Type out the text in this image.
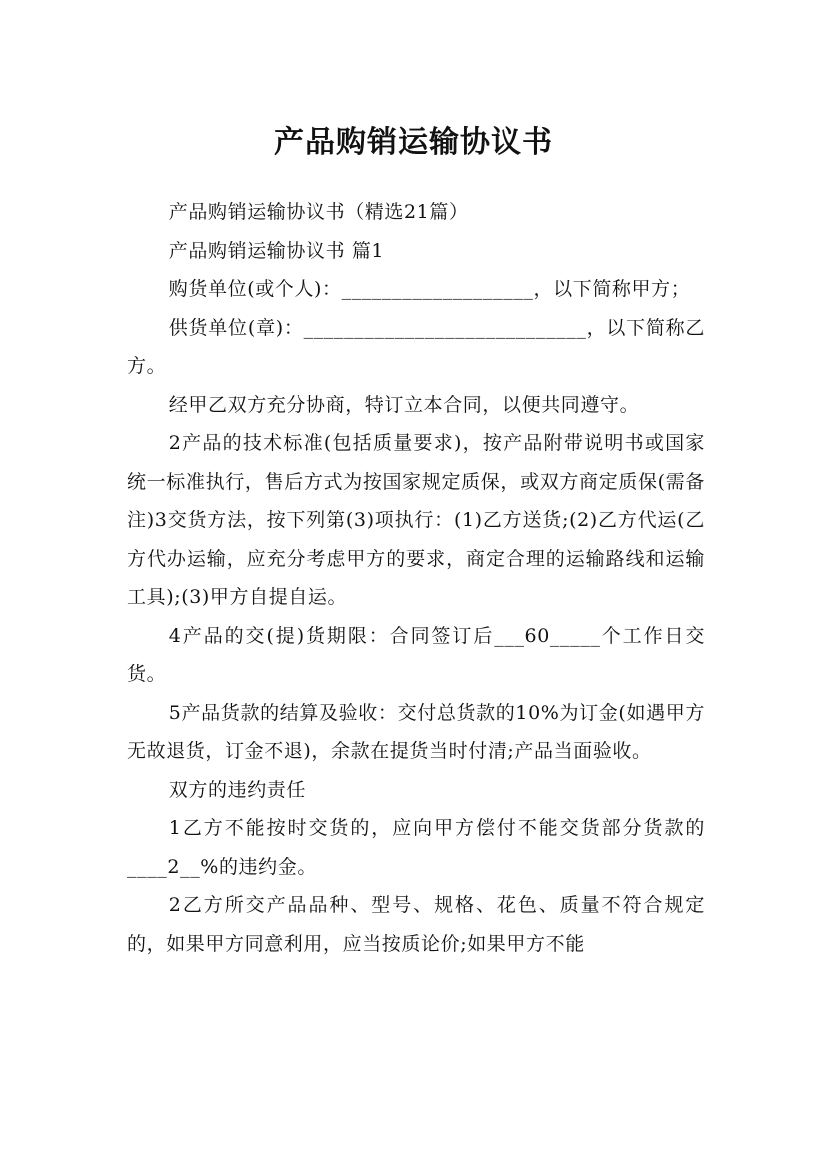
产品购销运输协议书

产品购销运输协议书（精选21篇）

产品购销运输协议书 篇1

购货单位(或个人)：___________________，以下简称甲方；

供货单位(章)：____________________________，以下简称乙方。

经甲乙双方充分协商，特订立本合同，以便共同遵守。

2产品的技术标准(包括质量要求)，按产品附带说明书或国家统一标准执行，售后方式为按国家规定质保，或双方商定质保(需备注)3交货方法，按下列第(3)项执行：(1)乙方送货;(2)乙方代运(乙方代办运输，应充分考虑甲方的要求，商定合理的运输路线和运输工具);(3)甲方自提自运。

4产品的交(提)货期限：合同签订后___60_____个工作日交货。

5产品货款的结算及验收：交付总货款的10%为订金(如遇甲方无故退货，订金不退)，余款在提货当时付清;产品当面验收。

双方的违约责任

1乙方不能按时交货的，应向甲方偿付不能交货部分货款的____2__%的违约金。

2乙方所交产品品种、型号、规格、花色、质量不符合规定的，如果甲方同意利用，应当按质论价;如果甲方不能
